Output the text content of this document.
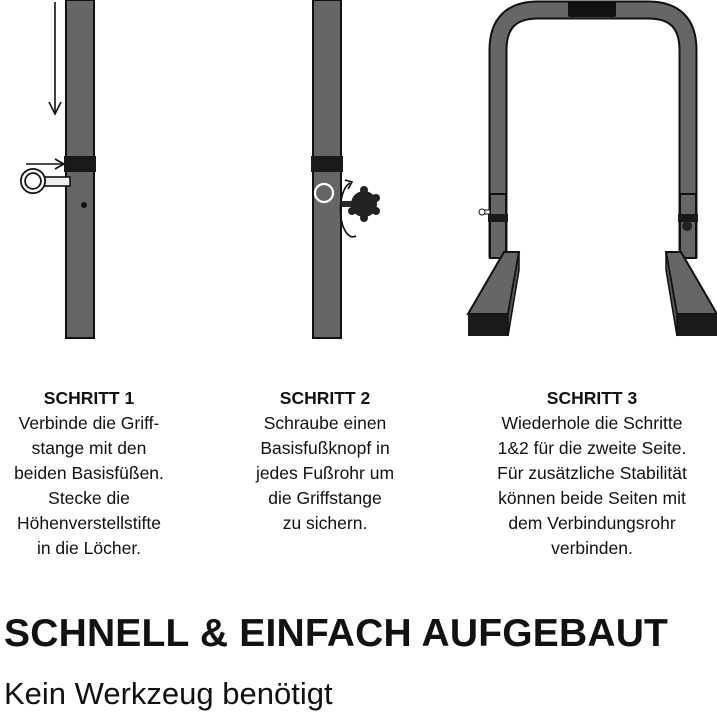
SCHRITT 1
Verbinde die Griff-
stange mit den
beiden Basisfüßen.
Stecke die
Höhenverstellstifte
in die Löcher.
SCHRITT 2
Schraube einen
Basisfußknopf in
jedes Fußrohr um
die Griffstange
zu sichern.
SCHRITT 3
Wiederhole die Schritte
1&2 für die zweite Seite.
Für zusätzliche Stabilität
können beide Seiten mit
dem Verbindungsrohr
verbinden.
SCHNELL & EINFACH AUFGEBAUT
Kein Werkzeug benötigt
